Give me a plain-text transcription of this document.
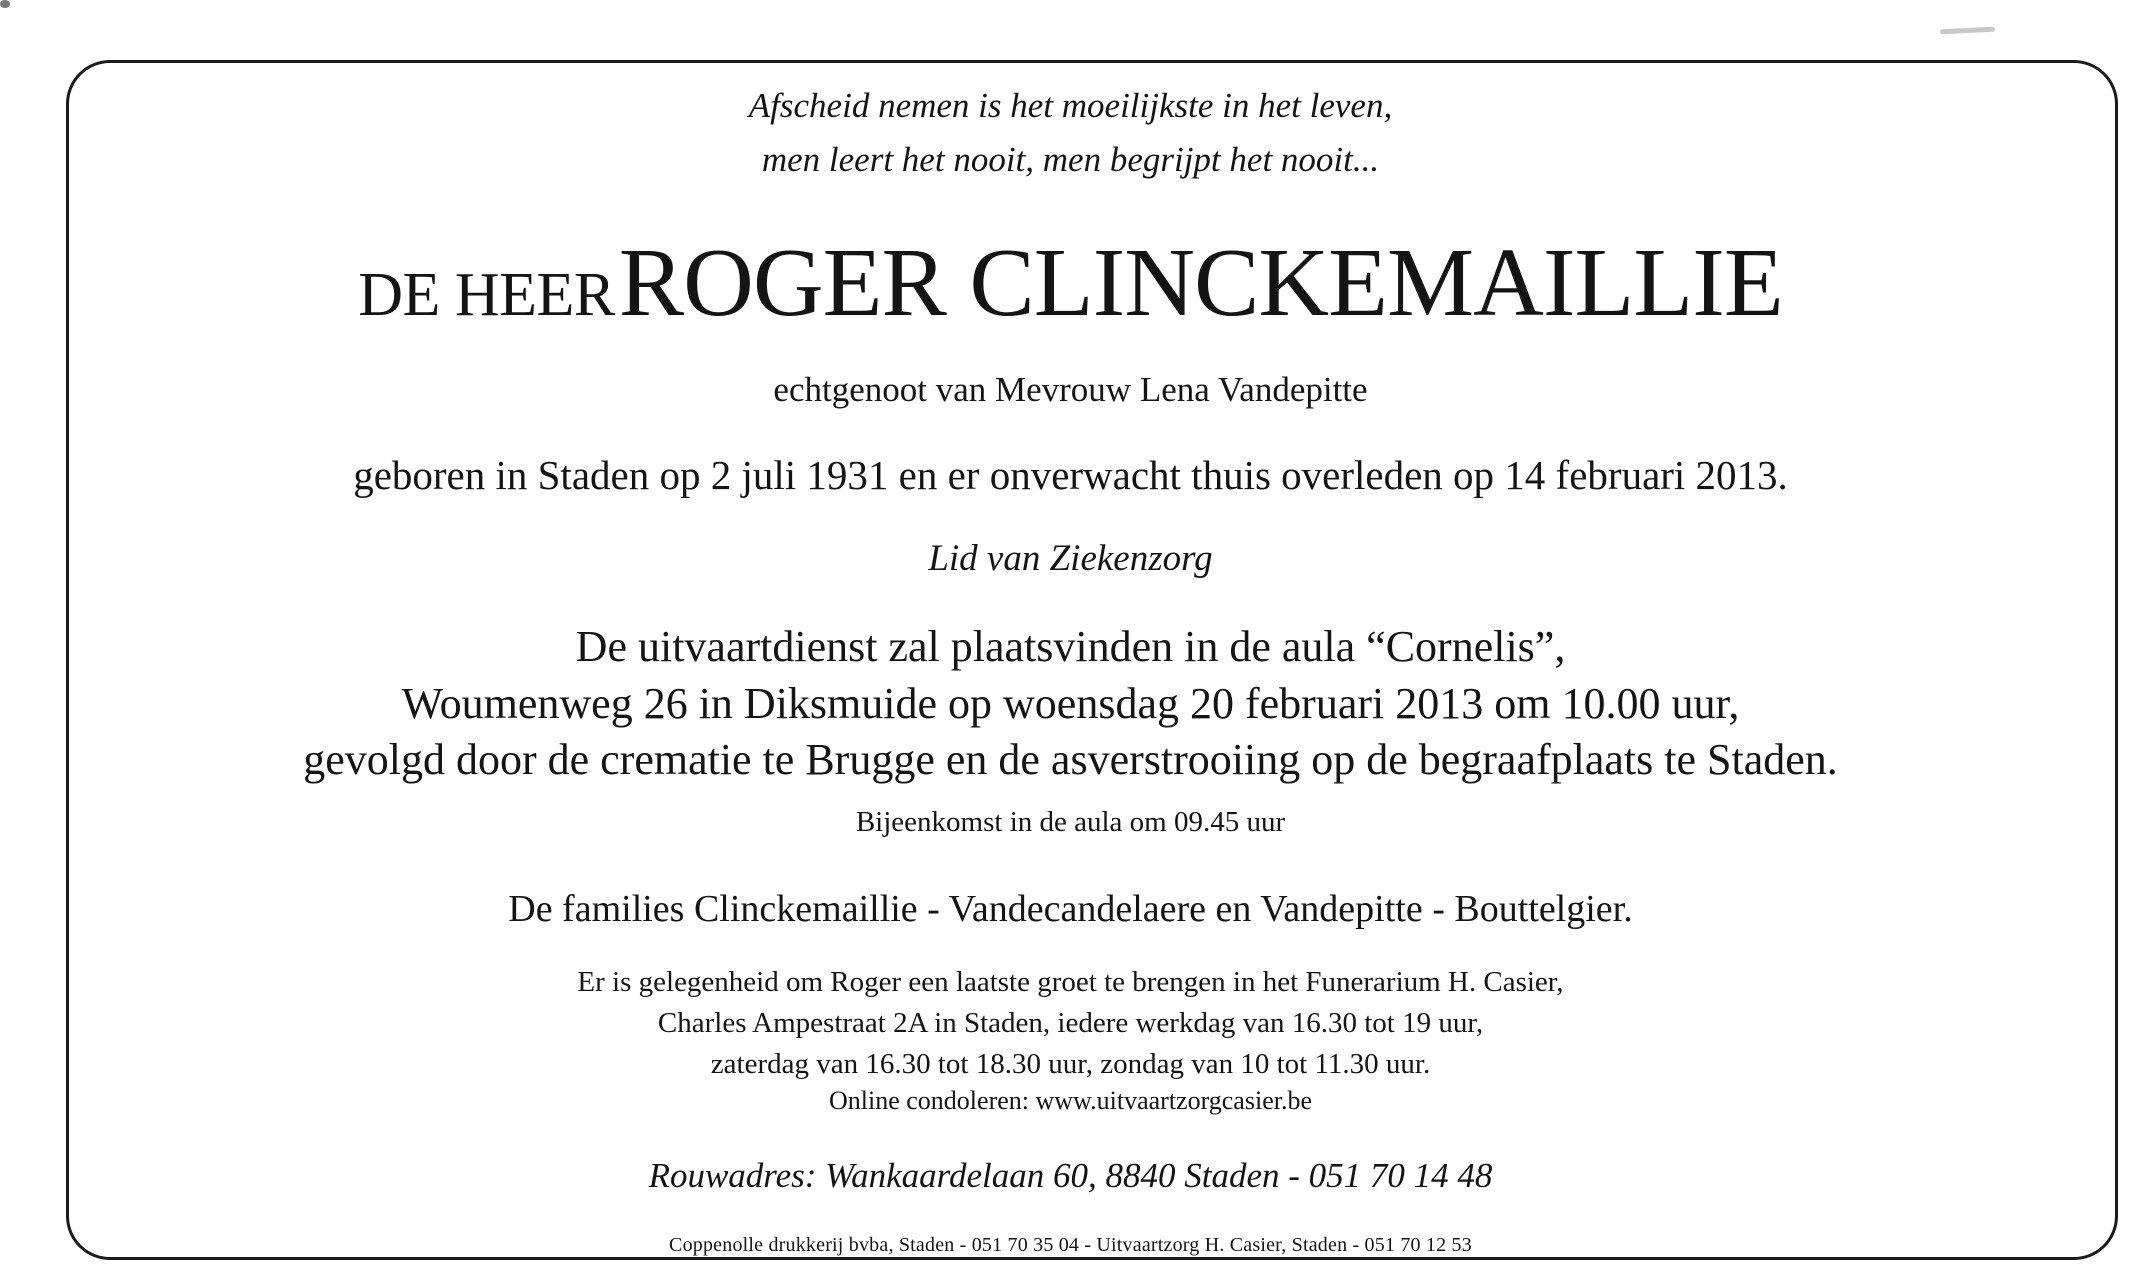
Afscheid nemen is het moeilijkste in het leven,
men leert het nooit, men begrijpt het nooit...
DE HEER ROGER CLINCKEMAILLIE
echtgenoot van Mevrouw Lena Vandepitte
geboren in Staden op 2 juli 1931 en er onverwacht thuis overleden op 14 februari 2013.
Lid van Ziekenzorg
De uitvaartdienst zal plaatsvinden in de aula “Cornelis”,
Woumenweg 26 in Diksmuide op woensdag 20 februari 2013 om 10.00 uur,
gevolgd door de crematie te Brugge en de asverstrooiing op de begraafplaats te Staden.
Bijeenkomst in de aula om 09.45 uur
De families Clinckemaillie - Vandecandelaere en Vandepitte - Bouttelgier.
Er is gelegenheid om Roger een laatste groet te brengen in het Funerarium H. Casier,
Charles Ampestraat 2A in Staden, iedere werkdag van 16.30 tot 19 uur,
zaterdag van 16.30 tot 18.30 uur, zondag van 10 tot 11.30 uur.
Online condoleren: www.uitvaartzorgcasier.be
Rouwadres: Wankaardelaan 60, 8840 Staden - 051 70 14 48
Coppenolle drukkerij bvba, Staden - 051 70 35 04 - Uitvaartzorg H. Casier, Staden - 051 70 12 53
